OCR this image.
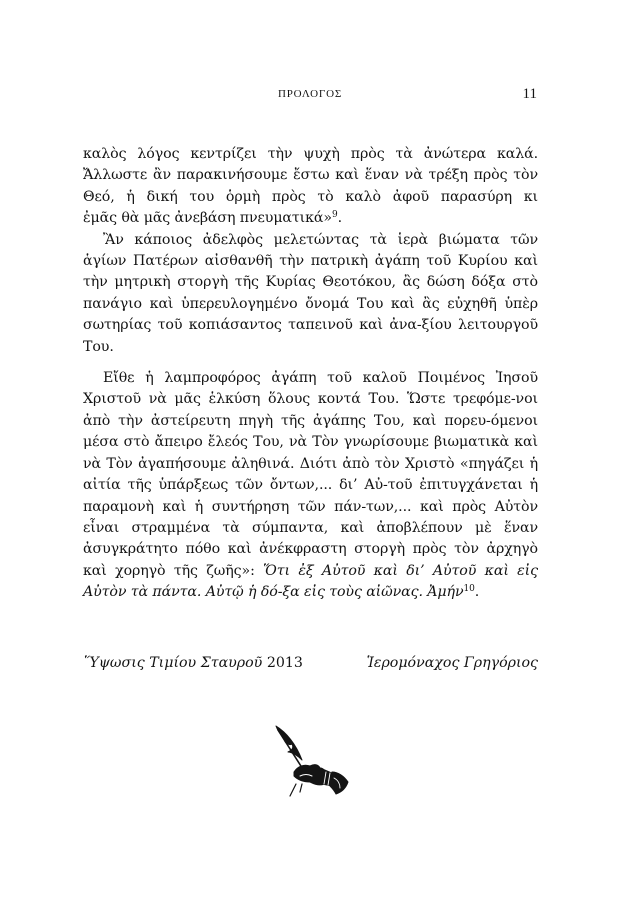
ΠΡΟΛΟΓΟΣ	11

καλὸς λόγος κεντρίζει τὴν ψυχὴ πρὸς τὰ ἀνώτερα καλά. Ἄλλωστε ἂν παρακινήσουμε ἔστω καὶ ἕναν νὰ τρέξη πρὸς τὸν Θεό, ἡ δική του ὁρμὴ πρὸς τὸ καλὸ ἀφοῦ παρασύρη κι ἐμᾶς θὰ μᾶς ἀνεβάση πνευματικά»$^9$.

Ἂν κάποιος ἀδελφὸς μελετώντας τὰ ἱερὰ βιώματα τῶν ἁγίων Πατέρων αἰσθανθῆ τὴν πατρικὴ ἀγάπη τοῦ Κυρίου καὶ τὴν μητρικὴ στοργὴ τῆς Κυρίας Θεοτόκου, ἂς δώση δόξα στὸ πανάγιο καὶ ὑπερευλογημένο ὄνομά Του καὶ ἂς εὐχηθῆ ὑπὲρ σωτηρίας τοῦ κοπιάσαντος ταπεινοῦ καὶ ἀνα-ξίου λειτουργοῦ Του.

Εἴθε ἡ λαμπροφόρος ἀγάπη τοῦ καλοῦ Ποιμένος Ἰησοῦ Χριστοῦ νὰ μᾶς ἑλκύση ὅλους κοντά Του. Ὥστε τρεφόμε-νοι ἀπὸ τὴν ἀστείρευτη πηγὴ τῆς ἀγάπης Του, καὶ πορευ-όμενοι μέσα στὸ ἄπειρο ἔλεός Του, νὰ Τὸν γνωρίσουμε βιωματικὰ καὶ νὰ Τὸν ἀγαπήσουμε ἀληθινά. Διότι ἀπὸ τὸν Χριστὸ «πηγάζει ἡ αἰτία τῆς ὑπάρξεως τῶν ὄντων,... δι’ Αὐ-τοῦ ἐπιτυγχάνεται ἡ παραμονὴ καὶ ἡ συντήρηση τῶν πάν-των,... καὶ πρὸς Αὐτὸν εἶναι στραμμένα τὰ σύμπαντα, καὶ ἀποβλέπουν μὲ ἕναν ἀσυγκράτητο πόθο καὶ ἀνέκφραστη στοργὴ πρὸς τὸν ἀρχηγὸ καὶ χορηγὸ τῆς ζωῆς»: Ὅτι ἐξ Αὐτοῦ καὶ δι’ Αὐτοῦ καὶ εἰς Αὐτὸν τὰ πάντα. Αὐτῷ ἡ δό-ξα εἰς τοὺς αἰῶνας. Ἀμήν$^{10}$.

Ὕψωσις Τιμίου Σταυροῦ 2013	Ἱερομόναχος Γρηγόριος
